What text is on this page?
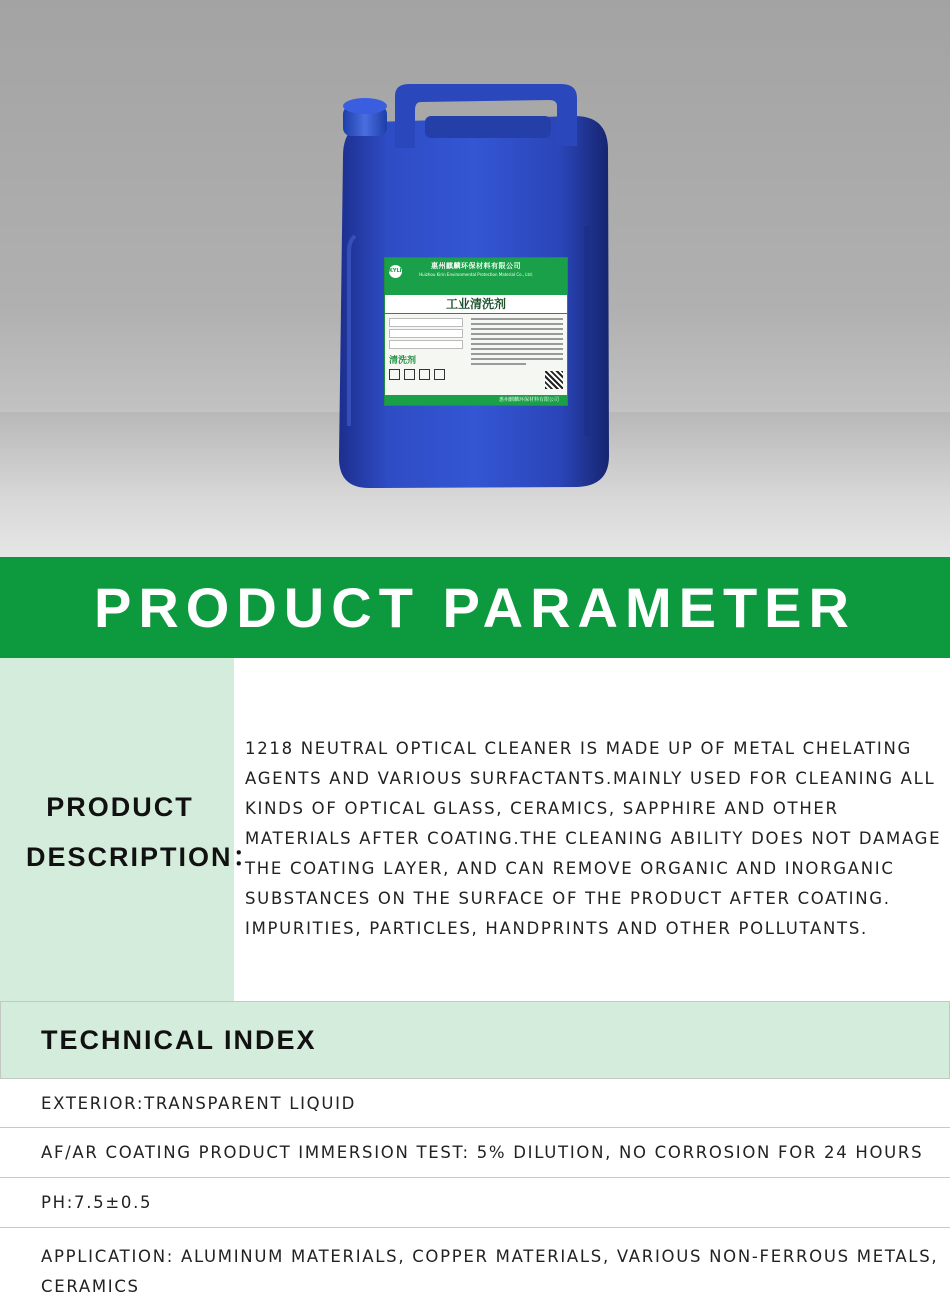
KYLIN
惠州麒麟环保材料有限公司
Huizhou Kirin Environmental Protection Material Co., Ltd.
工业清洗剂
清洗剂
惠州麒麟环保材料有限公司
PRODUCT PARAMETER
PRODUCT
DESCRIPTION：
1218 NEUTRAL OPTICAL CLEANER IS MADE UP OF METAL CHELATING AGENTS AND VARIOUS SURFACTANTS.MAINLY USED FOR CLEANING ALL KINDS OF OPTICAL GLASS, CERAMICS, SAPPHIRE AND OTHER MATERIALS AFTER COATING.THE CLEANING ABILITY DOES NOT DAMAGE THE COATING LAYER, AND CAN REMOVE ORGANIC AND INORGANIC SUBSTANCES ON THE SURFACE OF THE PRODUCT AFTER COATING. IMPURITIES, PARTICLES, HANDPRINTS AND OTHER POLLUTANTS.
TECHNICAL INDEX
EXTERIOR:TRANSPARENT LIQUID
AF/AR COATING PRODUCT IMMERSION TEST: 5% DILUTION, NO CORROSION FOR 24 HOURS
PH:7.5±0.5
APPLICATION: ALUMINUM MATERIALS, COPPER MATERIALS, VARIOUS NON-FERROUS METALS, CERAMICS
